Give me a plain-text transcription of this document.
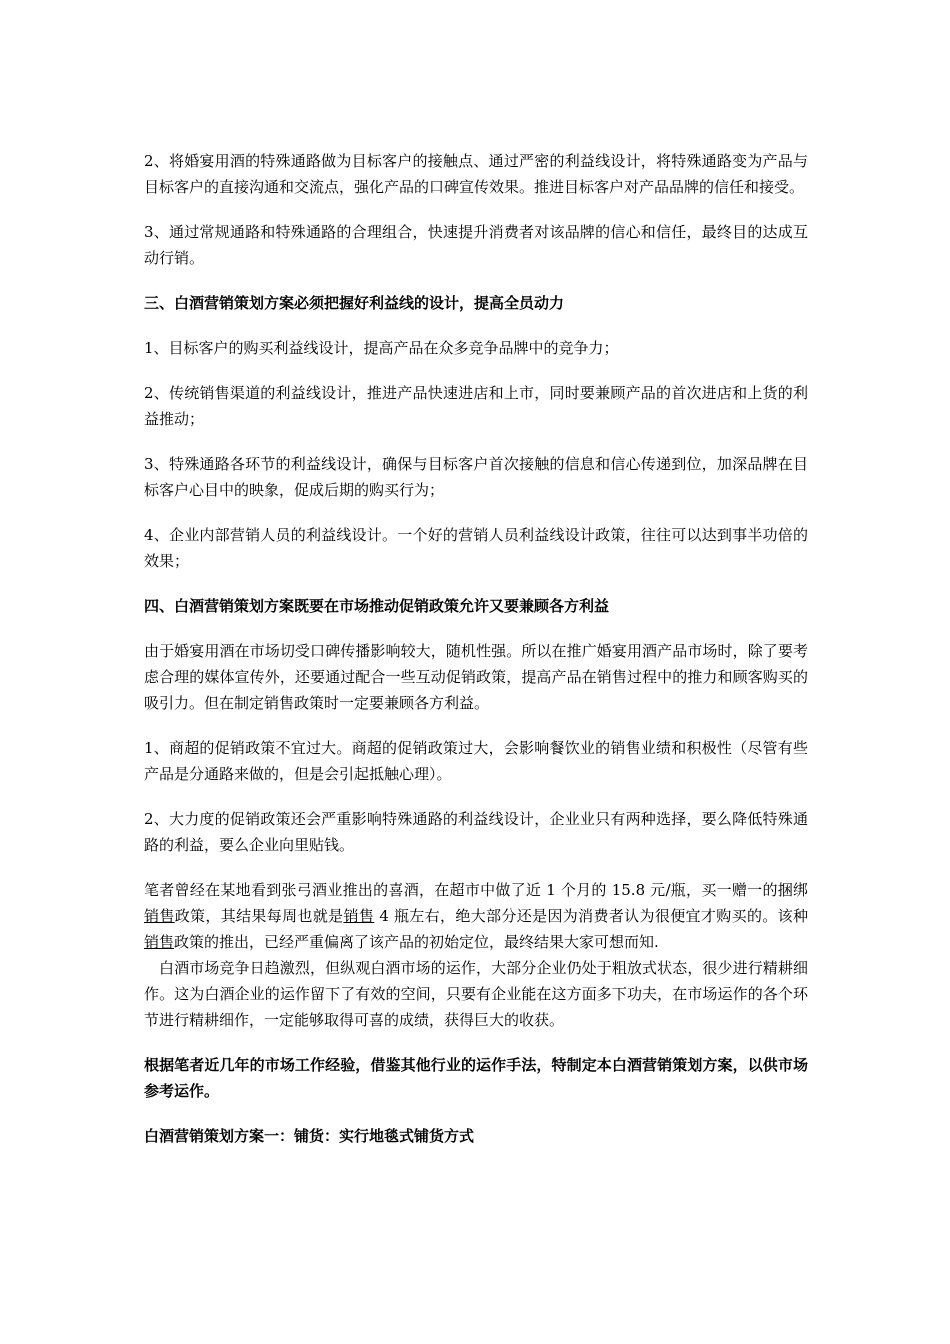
2、将婚宴用酒的特殊通路做为目标客户的接触点、通过严密的利益线设计，将特殊通路变为产品与目标客户的直接沟通和交流点，强化产品的口碑宣传效果。推进目标客户对产品品牌的信任和接受。

3、通过常规通路和特殊通路的合理组合，快速提升消费者对该品牌的信心和信任，最终目的达成互动行销。

三、白酒营销策划方案必须把握好利益线的设计，提高全员动力

1、目标客户的购买利益线设计，提高产品在众多竞争品牌中的竞争力；

2、传统销售渠道的利益线设计，推进产品快速进店和上市，同时要兼顾产品的首次进店和上货的利益推动；

3、特殊通路各环节的利益线设计，确保与目标客户首次接触的信息和信心传递到位，加深品牌在目标客户心目中的映象，促成后期的购买行为；

4、企业内部营销人员的利益线设计。一个好的营销人员利益线设计政策，往往可以达到事半功倍的效果；

四、白酒营销策划方案既要在市场推动促销政策允许又要兼顾各方利益

由于婚宴用酒在市场切受口碑传播影响较大，随机性强。所以在推广婚宴用酒产品市场时，除了要考虑合理的媒体宣传外，还要通过配合一些互动促销政策，提高产品在销售过程中的推力和顾客购买的吸引力。但在制定销售政策时一定要兼顾各方利益。

1、商超的促销政策不宜过大。商超的促销政策过大，会影响餐饮业的销售业绩和积极性（尽管有些产品是分通路来做的，但是会引起抵触心理）。

2、大力度的促销政策还会严重影响特殊通路的利益线设计，企业业只有两种选择，要么降低特殊通路的利益，要么企业向里贴钱。

笔者曾经在某地看到张弓酒业推出的喜酒，在超市中做了近 1 个月的 15.8 元/瓶，买一赠一的捆绑销售政策，其结果每周也就是销售 4 瓶左右，绝大部分还是因为消费者认为很便宜才购买的。该种销售政策的推出，已经严重偏离了该产品的初始定位，最终结果大家可想而知.

白酒市场竞争日趋激烈，但纵观白酒市场的运作，大部分企业仍处于粗放式状态，很少进行精耕细作。这为白酒企业的运作留下了有效的空间，只要有企业能在这方面多下功夫，在市场运作的各个环节进行精耕细作，一定能够取得可喜的成绩，获得巨大的收获。

根据笔者近几年的市场工作经验，借鉴其他行业的运作手法，特制定本白酒营销策划方案，以供市场参考运作。

白酒营销策划方案一：铺货：实行地毯式铺货方式
